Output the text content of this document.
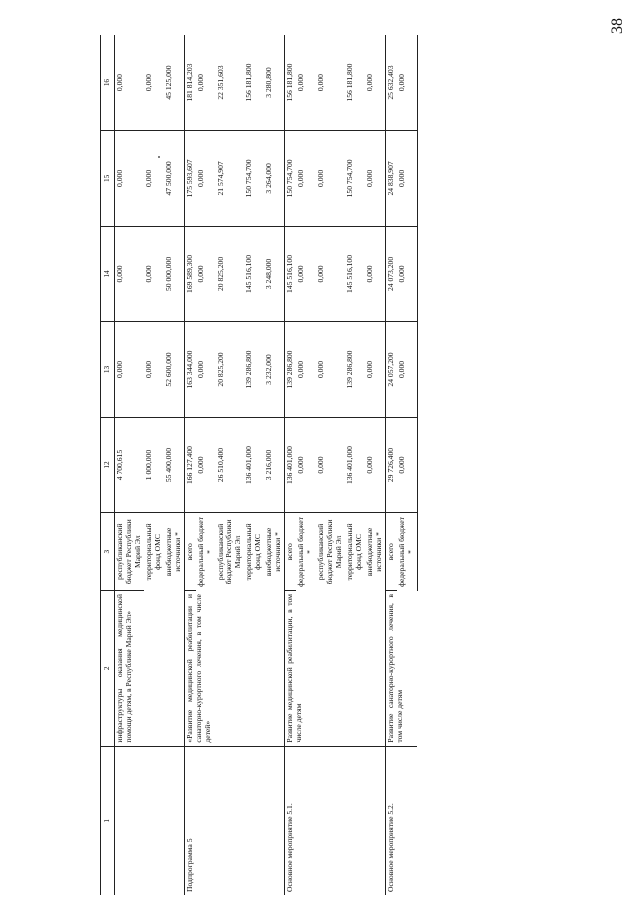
38
1	2	3	12	13	14	15	16
	инфраструктуры оказания медицинской помощи детям, в Республике Марий Эл»	республиканский бюджет Республики Марий Эл	4 700,615	0,000	0,000	0,000	0,000
		территориальный фонд ОМС	1 000,000	0,000	0,000	0,000	0,000
		внебюджетные источники *	55 400,000	52 600,000	50 000,000	47 500,000	45 125,000
Подпрограмма 5	«Развитие медицинской реабилитации и санаторно-курортного лечения, в том числе детей»	всего	166 127,400	163 344,000	169 589,300	175 593,607	181 814,203
		федеральный бюджет *	0,000	0,000	0,000	0,000	0,000
		республиканский бюджет Республики Марий Эл	26 510,400	20 825,200	20 825,200	21 574,907	22 351,603
		территориальный фонд ОМС	136 401,000	139 286,800	145 516,100	150 754,700	156 181,800
		внебюджетные источники *	3 216,000	3 232,000	3 248,000	3 264,000	3 280,800
Основное мероприятие 5.1.	Развитие медицинской реабилитации, в том числе детям	всего	136 401,000	139 286,800	145 516,100	150 754,700	156 181,800
		федеральный бюджет *	0,000	0,000	0,000	0,000	0,000
		республиканский бюджет Республики Марий Эл	0,000	0,000	0,000	0,000	0,000
		территориальный фонд ОМС	136 401,000	139 286,800	145 516,100	150 754,700	156 181,800
		внебюджетные источники *	0,000	0,000	0,000	0,000	0,000
Основное мероприятие 5.2.	Развитие санаторно-курортного лечения, в том числе детям	всего	29 726,400	24 057,200	24 073,200	24 838,907	25 632,403
		федеральный бюджет *	0,000	0,000	0,000	0,000	0,000
